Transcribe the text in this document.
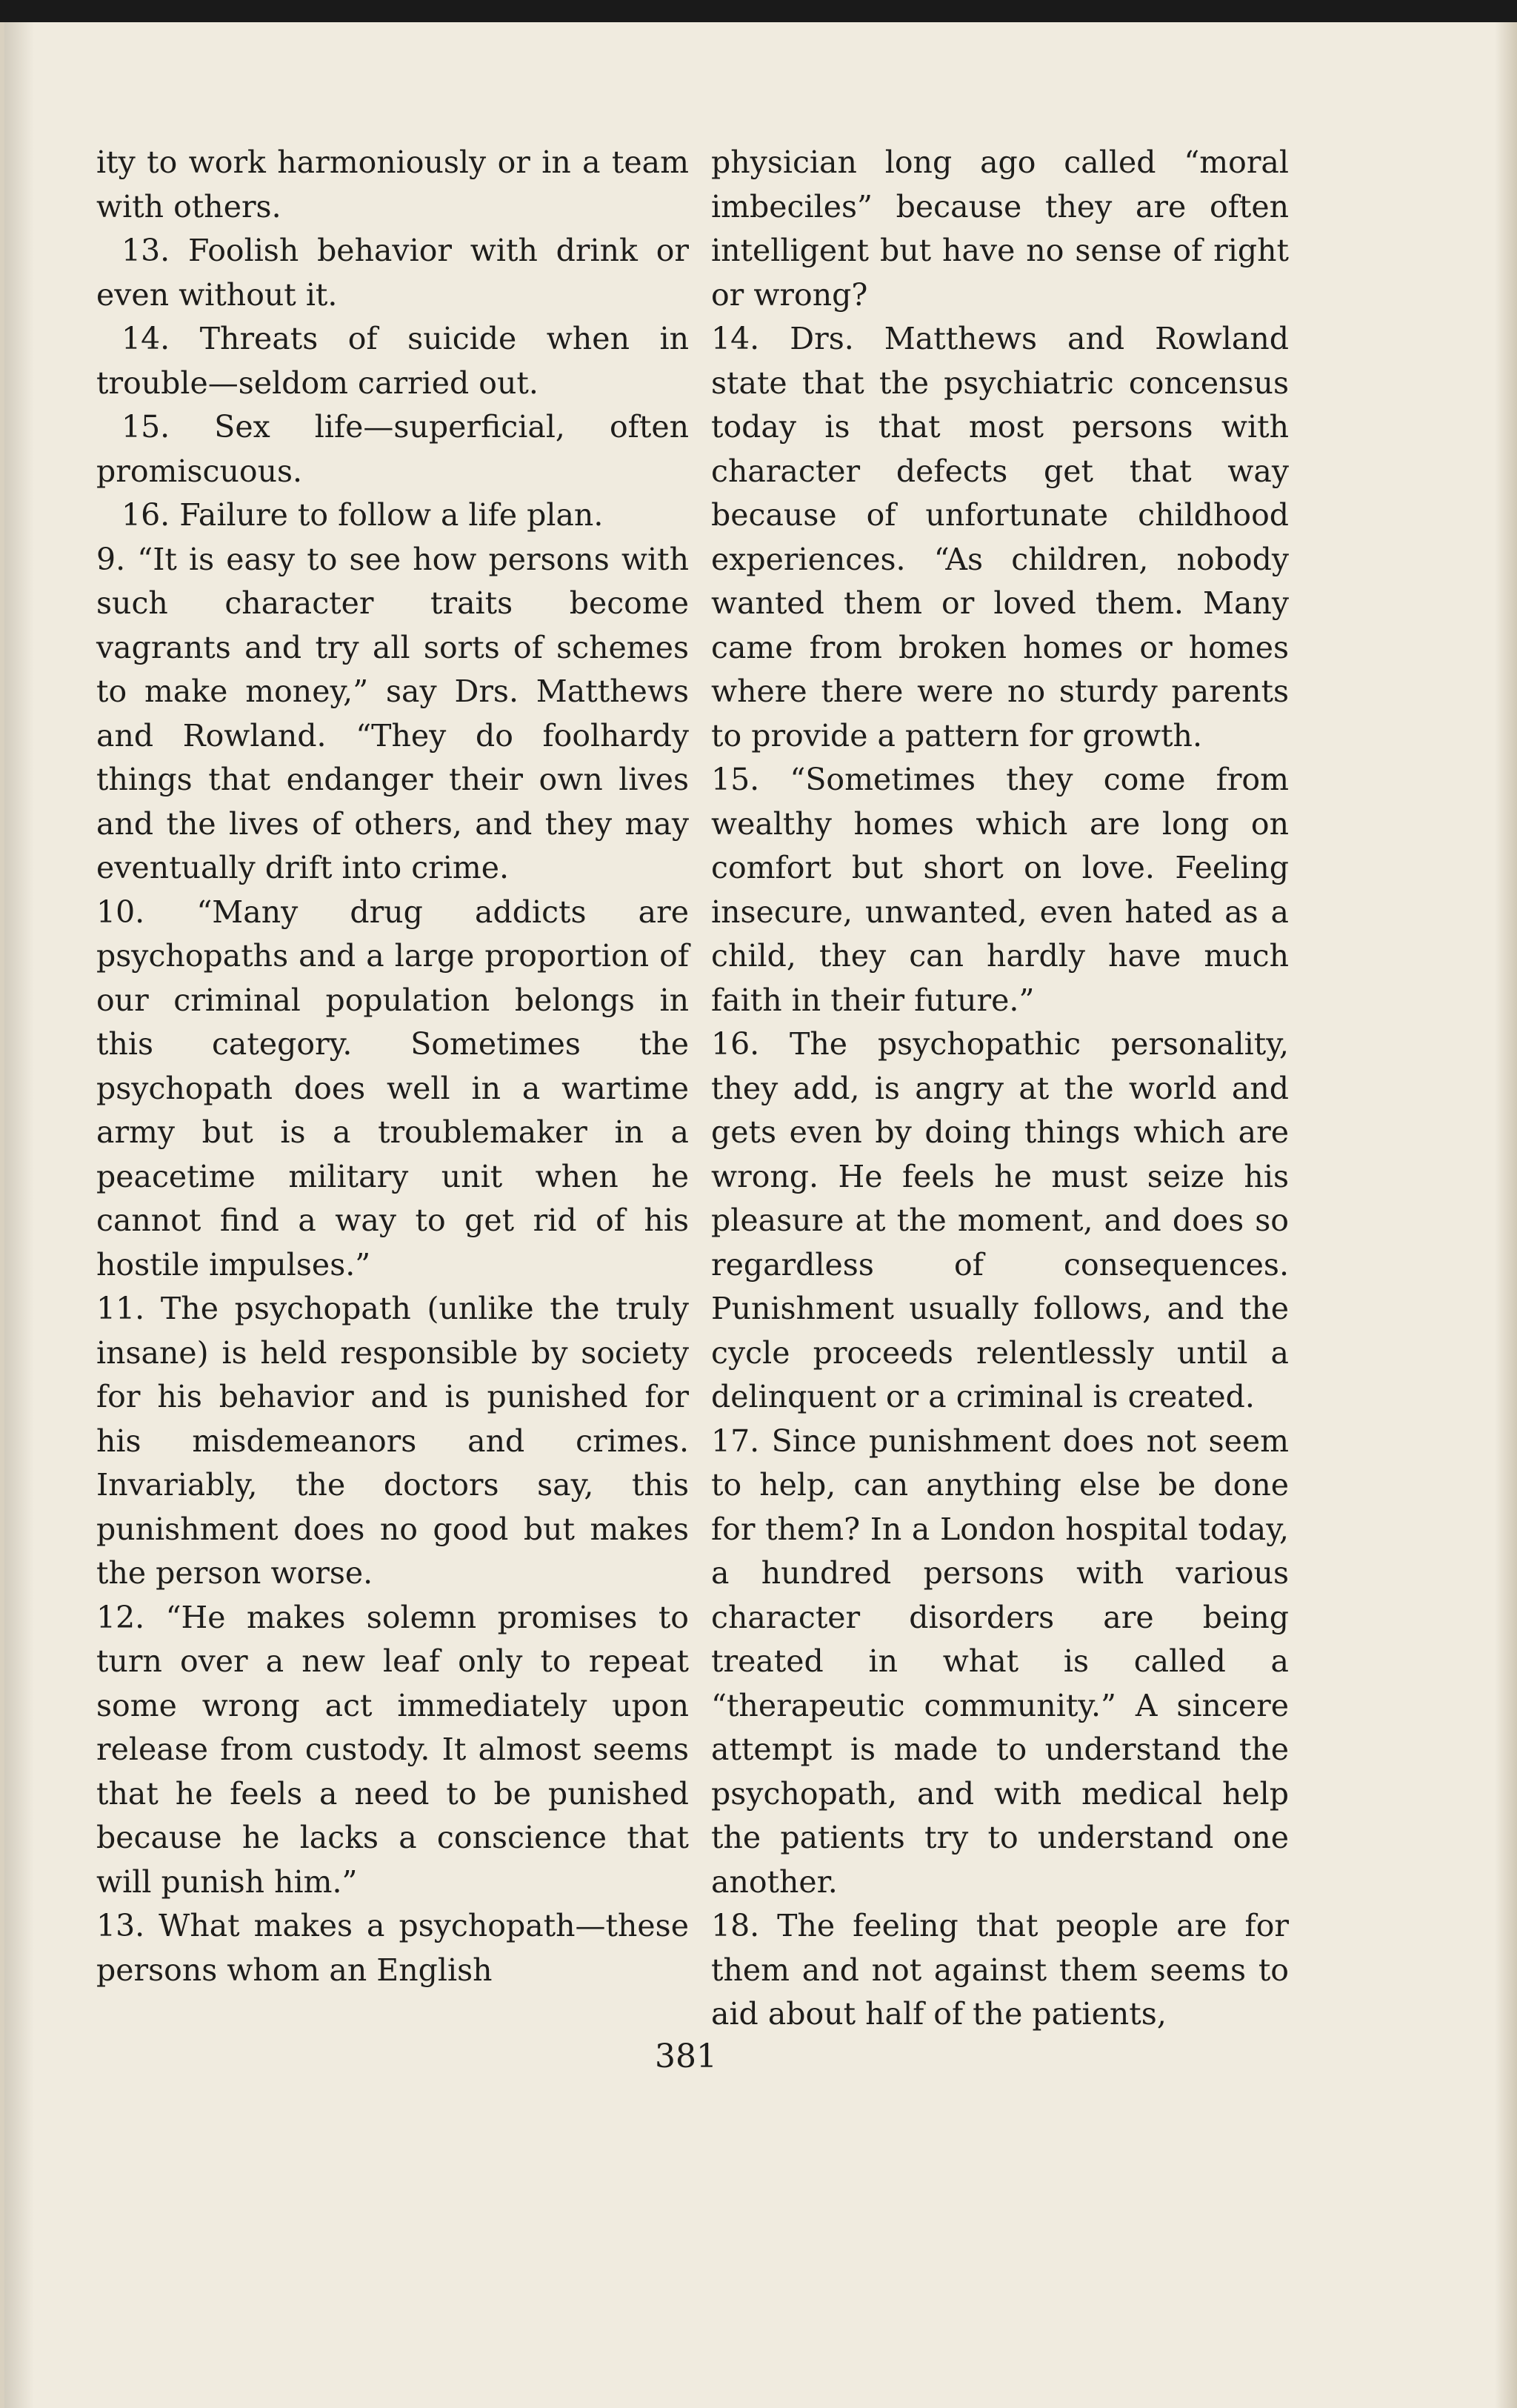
ity to work harmoniously or in a team with others.

13. Foolish behavior with drink or even without it.

14. Threats of suicide when in trouble—seldom carried out.

15. Sex life—superficial, often promiscuous.

16. Failure to follow a life plan.

9. “It is easy to see how persons with such character traits become vagrants and try all sorts of schemes to make money,” say Drs. Matthews and Rowland. “They do foolhardy things that endanger their own lives and the lives of others, and they may eventually drift into crime.

10. “Many drug addicts are psychopaths and a large proportion of our criminal population belongs in this category. Sometimes the psychopath does well in a wartime army but is a troublemaker in a peacetime military unit when he cannot find a way to get rid of his hostile impulses.”

11. The psychopath (unlike the truly insane) is held responsible by society for his behavior and is punished for his misdemeanors and crimes. Invariably, the doctors say, this punishment does no good but makes the person worse.

12. “He makes solemn promises to turn over a new leaf only to repeat some wrong act immediately upon release from custody. It almost seems that he feels a need to be punished because he lacks a conscience that will punish him.”

13. What makes a psychopath—these persons whom an English

physician long ago called “moral imbeciles” because they are often intelligent but have no sense of right or wrong?

14. Drs. Matthews and Rowland state that the psychiatric concensus today is that most persons with character defects get that way because of unfortunate childhood experiences. “As children, nobody wanted them or loved them. Many came from broken homes or homes where there were no sturdy parents to provide a pattern for growth.

15. “Sometimes they come from wealthy homes which are long on comfort but short on love. Feeling insecure, unwanted, even hated as a child, they can hardly have much faith in their future.”

16. The psychopathic personality, they add, is angry at the world and gets even by doing things which are wrong. He feels he must seize his pleasure at the moment, and does so regardless of consequences. Punishment usually follows, and the cycle proceeds relentlessly until a delinquent or a criminal is created.

17. Since punishment does not seem to help, can anything else be done for them? In a London hospital today, a hundred persons with various character disorders are being treated in what is called a “therapeutic community.” A sincere attempt is made to understand the psychopath, and with medical help the patients try to understand one another.

18. The feeling that people are for them and not against them seems to aid about half of the patients,

381
